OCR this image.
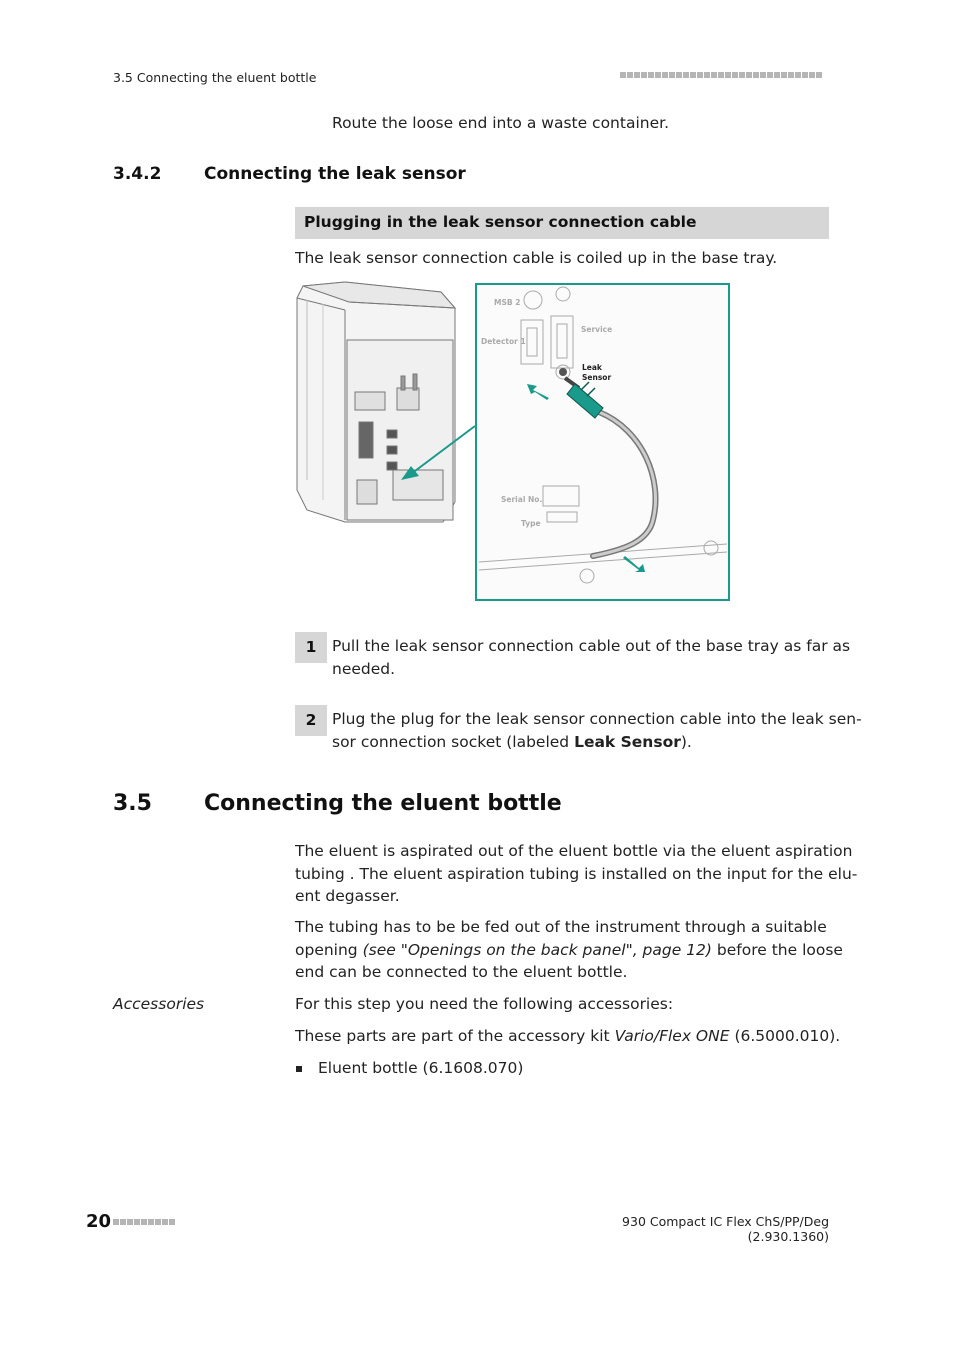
3.5 Connecting the eluent bottle
Route the loose end into a waste container.
3.4.2	Connecting the leak sensor
Plugging in the leak sensor connection cable
The leak sensor connection cable is coiled up in the base tray.
MSB 2
Detector 1
Service
Leak
Sensor
Serial No.
Type
1	Pull the leak sensor connection cable out of the base tray as far as
needed.
2	Plug the plug for the leak sensor connection cable into the leak sen-
sor connection socket (labeled Leak Sensor).
3.5 Connecting the eluent bottle
The eluent is aspirated out of the eluent bottle via the eluent aspiration
tubing . The eluent aspiration tubing is installed on the input for the elu-
ent degasser.
The tubing has to be be fed out of the instrument through a suitable
opening (see "Openings on the back panel", page 12) before the loose
end can be connected to the eluent bottle.
Accessories	For this step you need the following accessories:
These parts are part of the accessory kit Vario/Flex ONE (6.5000.010).
Eluent bottle (6.1608.070)
20	930 Compact IC Flex ChS/PP/Deg (2.930.1360)
